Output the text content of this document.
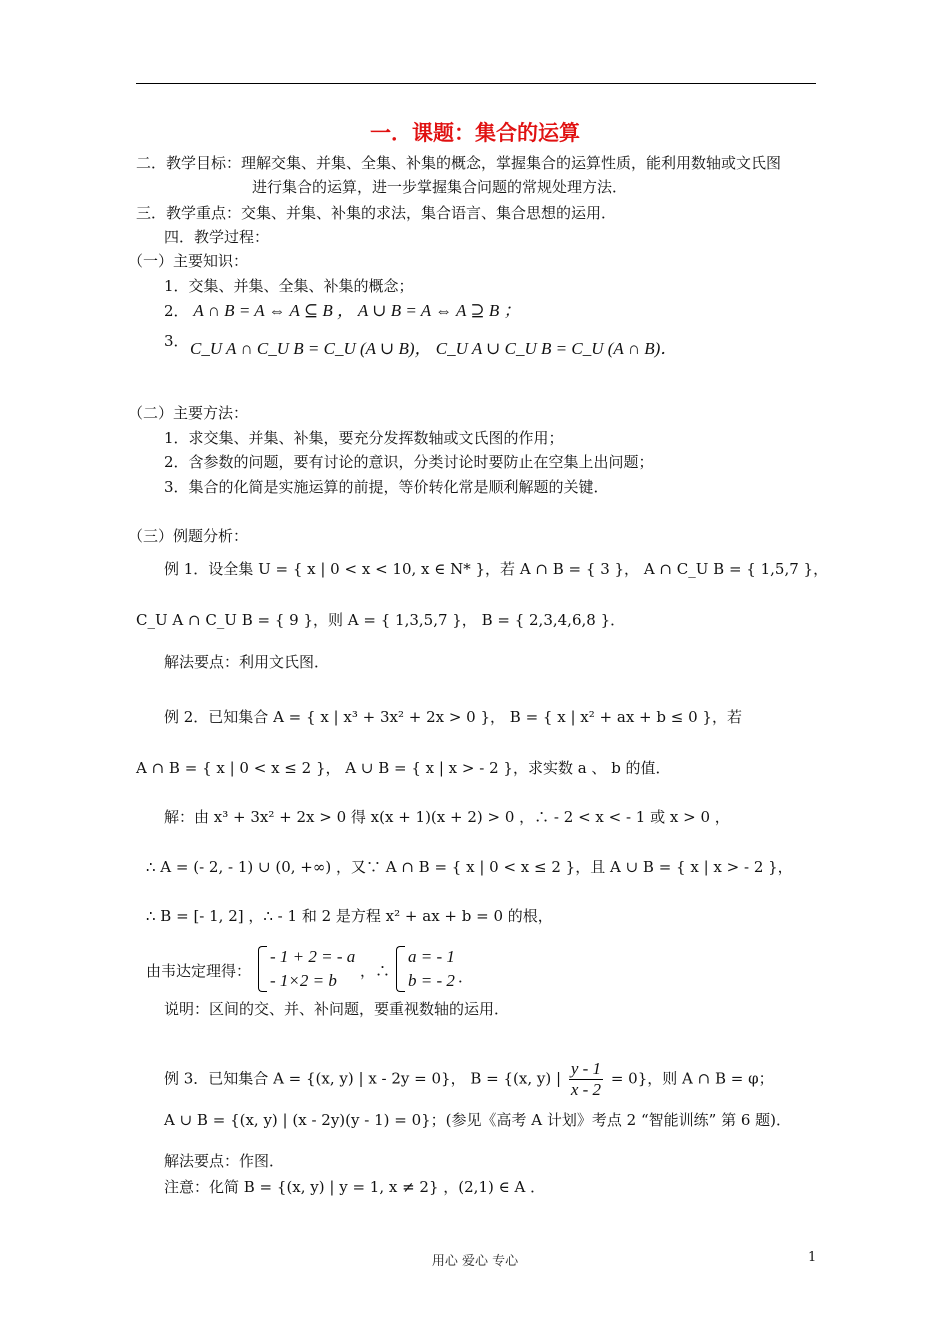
一．课题：集合的运算
二．教学目标：理解交集、并集、全集、补集的概念，掌握集合的运算性质，能利用数轴或文氏图
进行集合的运算，进一步掌握集合问题的常规处理方法．
三．教学重点：交集、并集、补集的求法，集合语言、集合思想的运用．
四．教学过程：
（一）主要知识：
1．交集、并集、全集、补集的概念；
2． A ∩ B = A ⇔ A ⊆ B ， A ∪ B = A ⇔ A ⊇ B ；
3． C_U A ∩ C_U B = C_U (A ∪ B)， C_U A ∪ C_U B = C_U (A ∩ B)．
（二）主要方法：
1．求交集、并集、补集，要充分发挥数轴或文氏图的作用；
2．含参数的问题，要有讨论的意识，分类讨论时要防止在空集上出问题；
3．集合的化简是实施运算的前提，等价转化常是顺利解题的关键．
（三）例题分析：
例 1．设全集 U = { x | 0 < x < 10, x ∈ N* }，若 A ∩ B = { 3 }， A ∩ C_U B = { 1,5,7 }，
C_U A ∩ C_U B = { 9 }，则 A = { 1,3,5,7 }， B = { 2,3,4,6,8 }．
解法要点：利用文氏图．
例 2．已知集合 A = { x | x³ + 3x² + 2x > 0 }， B = { x | x² + ax + b ≤ 0 }，若
A ∩ B = { x | 0 < x ≤ 2 }， A ∪ B = { x | x > - 2 }，求实数 a 、 b 的值．
解：由 x³ + 3x² + 2x > 0 得 x(x + 1)(x + 2) > 0 ，∴ - 2 < x < - 1 或 x > 0 ，
∴ A = (- 2, - 1) ∪ (0, +∞) ，又∵ A ∩ B = { x | 0 < x ≤ 2 }，且 A ∪ B = { x | x > - 2 }，
∴ B = [- 1, 2] ，∴ - 1 和 2 是方程 x² + ax + b = 0 的根，
由韦达定理得：
- 1 + 2 = - a
- 1×2 = b ，∴
a = - 1
b = - 2 ．
说明：区间的交、并、补问题，要重视数轴的运用．
例 3．已知集合 A = {(x, y) | x - 2y = 0}， B = {(x, y) | $\frac{y - 1}{x - 2} = 0$}，则 A ∩ B = φ；
A ∪ B = {(x, y) | (x - 2y)(y - 1) = 0}；(参见《高考 A 计划》考点 2 “智能训练” 第 6 题)．
解法要点：作图．
注意：化简 B = {(x, y) | y = 1, x ≠ 2} ，(2,1) ∈ A ．
用心 爱心 专心	1
